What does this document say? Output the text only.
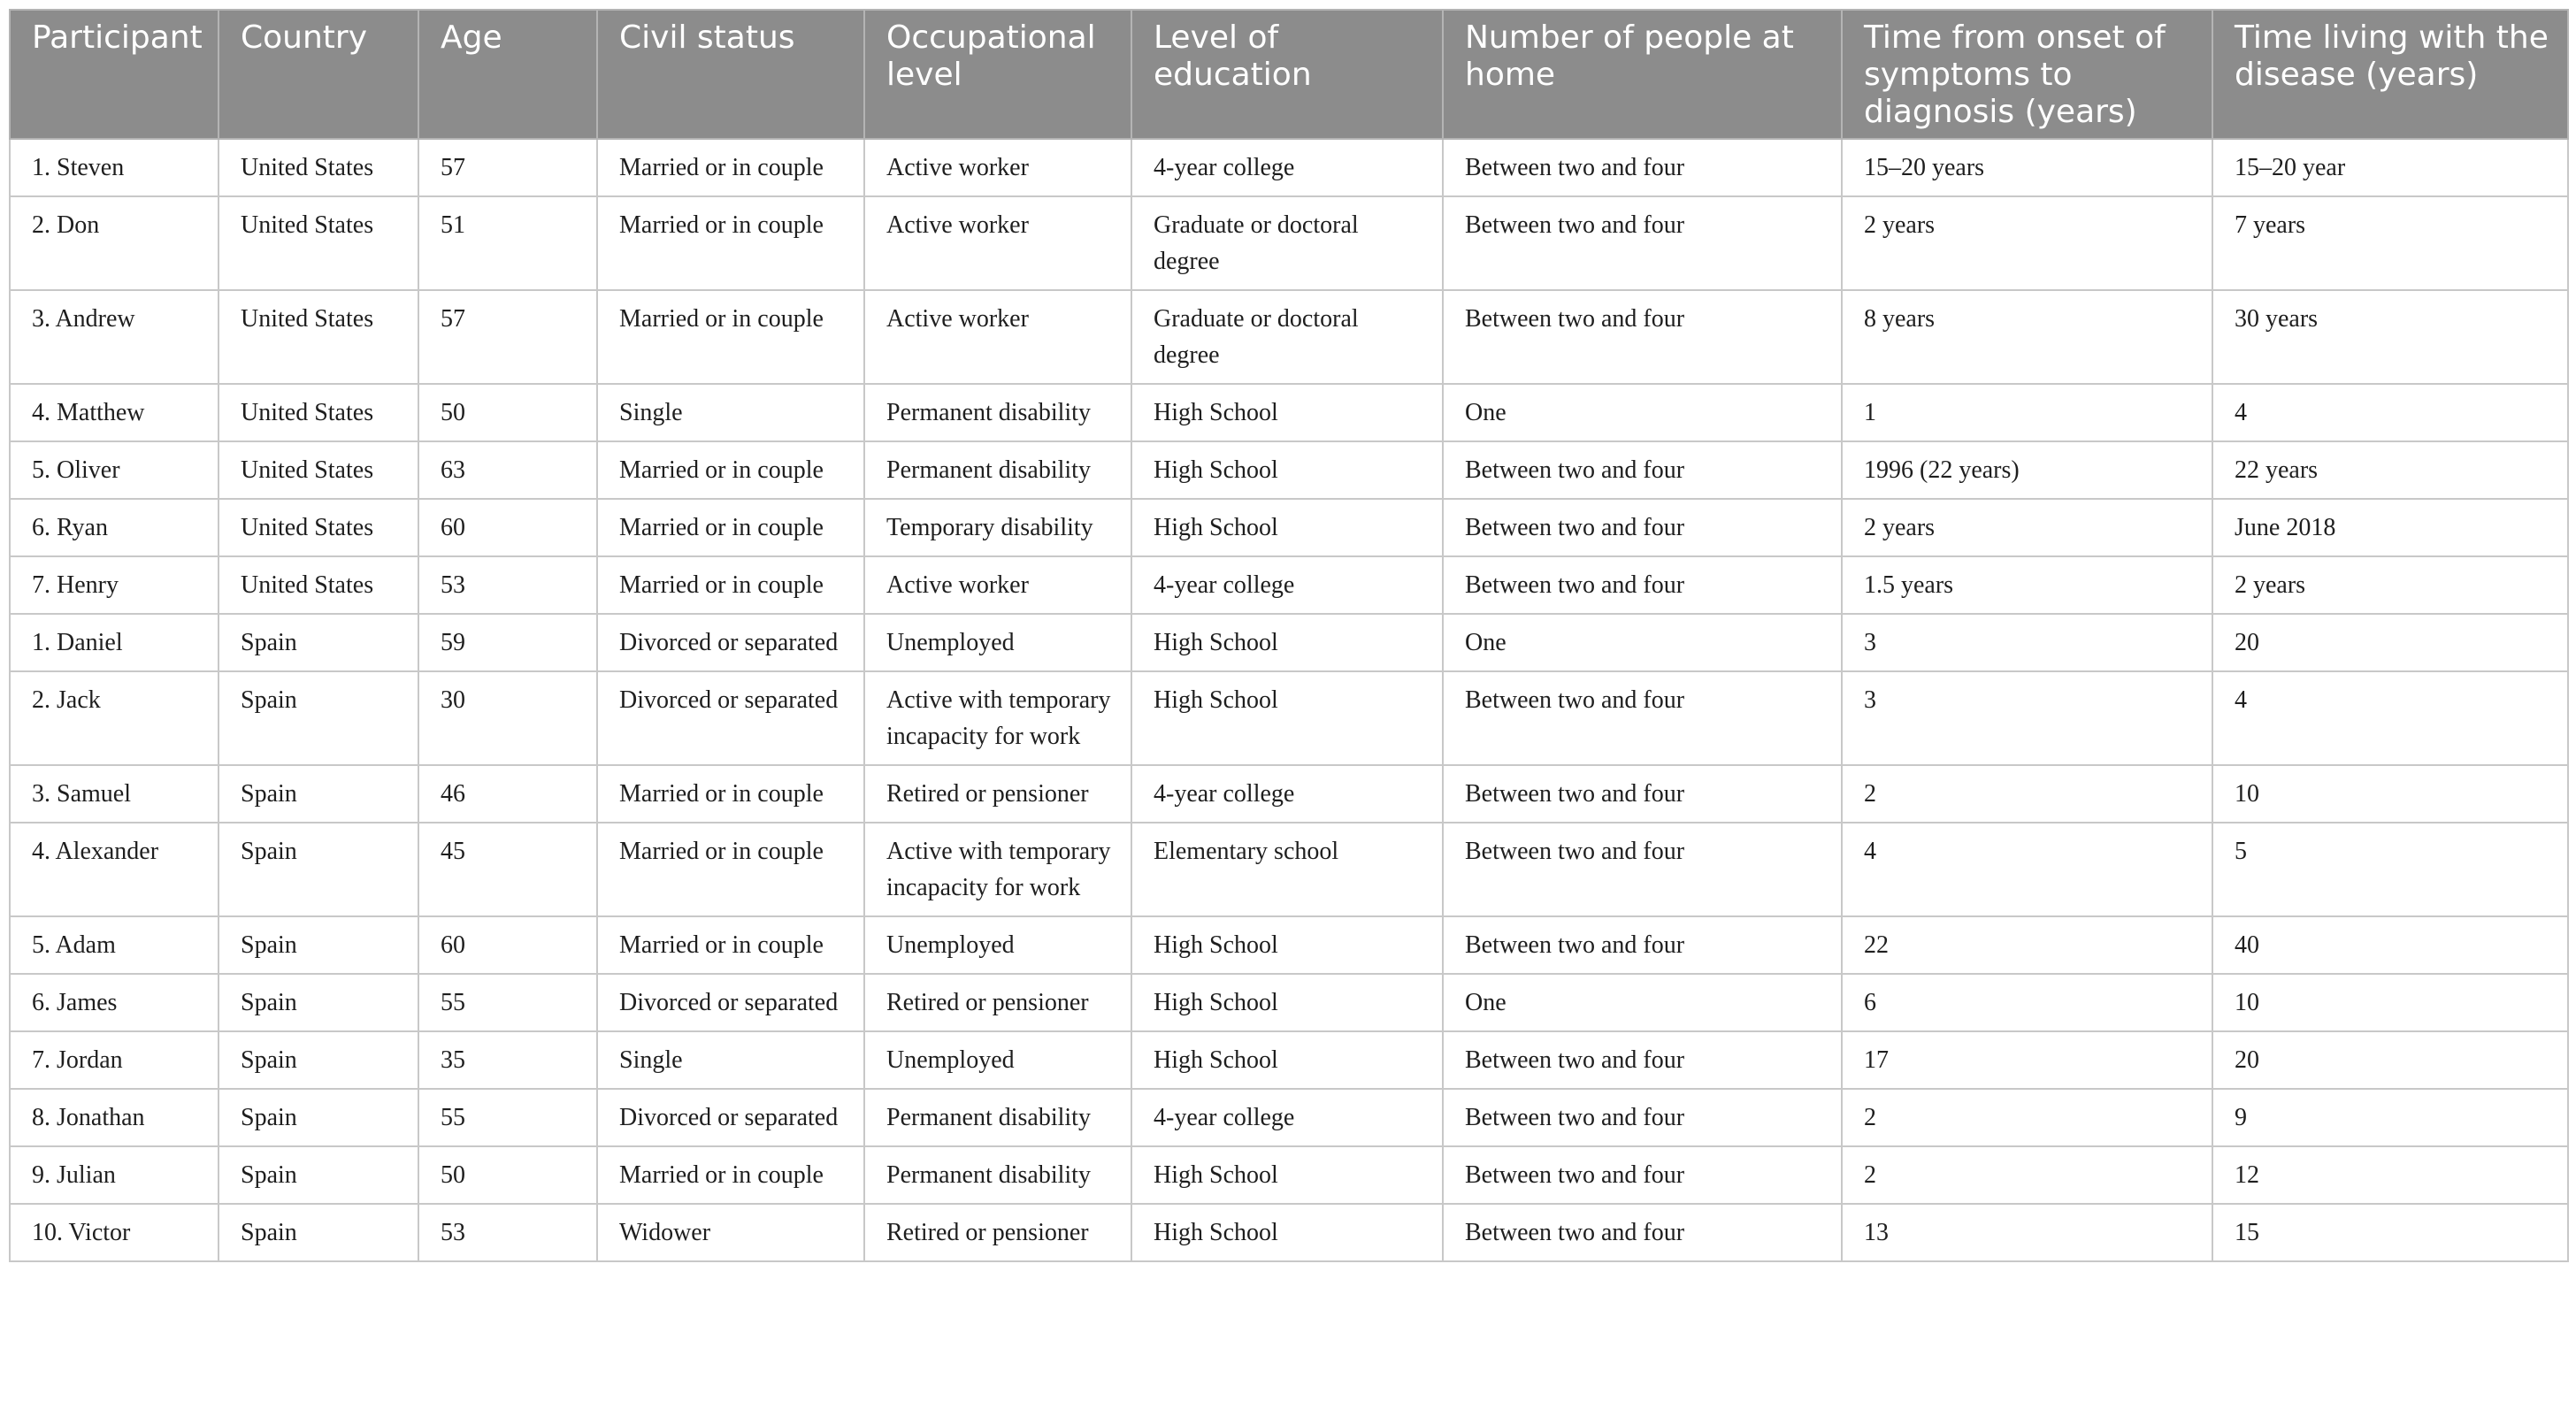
Participant	Country	Age	Civil status	Occupational level	Level of education	Number of people at home	Time from onset of symptoms to diagnosis (years)	Time living with the disease (years)
1. Steven	United States	57	Married or in couple	Active worker	4-year college	Between two and four	15–20 years	15–20 year
2. Don	United States	51	Married or in couple	Active worker	Graduate or doctoral degree	Between two and four	2 years	7 years
3. Andrew	United States	57	Married or in couple	Active worker	Graduate or doctoral degree	Between two and four	8 years	30 years
4. Matthew	United States	50	Single	Permanent disability	High School	One	1	4
5. Oliver	United States	63	Married or in couple	Permanent disability	High School	Between two and four	1996 (22 years)	22 years
6. Ryan	United States	60	Married or in couple	Temporary disability	High School	Between two and four	2 years	June 2018
7. Henry	United States	53	Married or in couple	Active worker	4-year college	Between two and four	1.5 years	2 years
1. Daniel	Spain	59	Divorced or separated	Unemployed	High School	One	3	20
2. Jack	Spain	30	Divorced or separated	Active with temporary incapacity for work	High School	Between two and four	3	4
3. Samuel	Spain	46	Married or in couple	Retired or pensioner	4-year college	Between two and four	2	10
4. Alexander	Spain	45	Married or in couple	Active with temporary incapacity for work	Elementary school	Between two and four	4	5
5. Adam	Spain	60	Married or in couple	Unemployed	High School	Between two and four	22	40
6. James	Spain	55	Divorced or separated	Retired or pensioner	High School	One	6	10
7. Jordan	Spain	35	Single	Unemployed	High School	Between two and four	17	20
8. Jonathan	Spain	55	Divorced or separated	Permanent disability	4-year college	Between two and four	2	9
9. Julian	Spain	50	Married or in couple	Permanent disability	High School	Between two and four	2	12
10. Victor	Spain	53	Widower	Retired or pensioner	High School	Between two and four	13	15
